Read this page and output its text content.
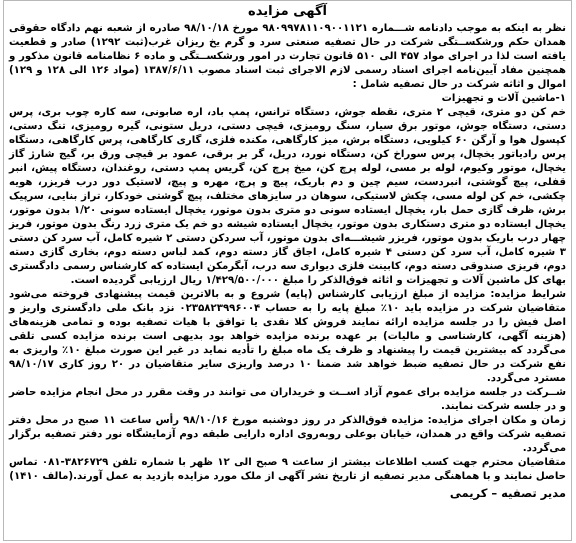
آگهی مزایده

نظر به اینکه به موجب دادنامه شـــماره ۹۸۰۹۹۷۸۱۱۰۹۰۰۱۱۲۱ مورخ ۹۸/۱۰/۱۸ صادره از شعبه نهم دادگاه حقوقی همدان حکم ورشکســتگی شرکت در حال تصفیه صنعتی سرد و گرم یخ ریزان غرب(ثبت ۱۲۹۲) صادر و قطعیت یافته است لذا در اجرای مواد ۴۵۷ الی ۵۱۰ قانون تجارت در امور ورشکســتگی و ماده ۶ نظامنامه قانون مذکور و همچنین مفاد آیین‌نامه اجرای اسناد رسمی لازم الاجرای ثبت اسناد مصوب ۱۳۸۷/۶/۱۱ (مواد ۱۲۶ الی ۱۲۸ و ۱۲۹) اموال و اثاثه شرکت در حال تصفیه شامل :

۱-ماشین آلات و تجهیزات

خم کن دو متری، قیچی ۲ متری، نقطه جوش، دستگاه ترانس، پمپ باد، اره صابونی، سه کاره چوب بری، پرس دستی، دستگاه جوش، موتور برق سیار، سنگ رومیزی، قیچی دستی، دریل ستونی، گیره رومیزی، تنگ دستی، کپسول هوا و آرگن ۶۰ کیلویی، دستگاه برش، میز کارگاهی، مکنده فلزی، گاری کارگاهی، پرس کارگاهی، دستگاه پرس رادیاتور یخچال، پرس سوراخ کن، دستگاه نورد، دریل، گر بر برقی، عمود بر قیچی ورق بر، گیج شارژ گاز یخچال، موتور وکیوم، لوله بر مسی، لوله پرچ کن، میخ پرچ کن، گریس پمپ دستی، روغندان، دستگاه پیش، انبر قفلی، پیچ گوشتی، انبردست، سیم چین و دم باریک، پیچ و پرچ، مهره و پیچ، لاستیک دور درب فریزر، هویه چکشی، خم کن لوله مسی، چکش لاستیکی، سوهان در سایزهای مختلف، پیچ گوشتی خودکار، تراز بنایی، سرپیک برش، ظرف گازی حمل بار، یخچال ایستاده سونی دو متری بدون موتور، یخچال ایستاده سونی ۱/۲۰ بدون موتور، یخچال ایستاده دو متری دستکاری بدون موتور، یخچال ایستاده شیشه دو خم یک متری زرد رنگ بدون موتور، فریز چهار درب باریک بدون موتور، فریزر شیشـــه‌ای بدون موتور، آب سردکن دستی ۲ شیره کامل، آب سرد کن دستی ۳ شیره کامل، آب سرد کن دستی ۴ شیره کامل، اجاق گاز دسته دوم، کمد لباس دسته دوم، بخاری گازی دسته دوم، فریزی صندوقی دسته دوم، کابینت فلزی دیواری سه درب، آبگرمکن ایستاده که کارشناس رسمی دادگستری بهای کل ماشین آلات و تجهیزات و اثاثه فوق‌الذکر را مبلغ ۱/۴۲۹/۵۰۰/۰۰۰ ریال ارزیابی گردیده است.

شرایط مزایده: مزایده از مبلغ ارزیابی کارشناس (پایه) شروع و به بالاترین قیمت پیشنهادی فروخته می‌شود متقاضیان شرکت در مزایده باید ۱۰٪ مبلغ پایه را به حساب ۰۲۳۵۸۲۳۹۹۶۰۰۴ نزد بانک ملی دادگستری واریز و اصل فیش را در جلسه مزایده ارائه نمایند فروش کلا نقدی یا توافق با هیات تصفیه بوده و تمامی هزینه‌های (هزینه آگهی، کارشناسی و مالیات) بر عهده برنده مزایده خواهد بود بدیهی است برنده مزایده کسی تلقی می‌گردد که بیشترین قیمت را پیشنهاد و ظرف یک ماه مبلغ را تأدیه نماید در غیر این صورت مبلغ ۱۰٪ واریزی به نفع شرکت در حال تصفیه ضبط خواهد شد ضمنا ۱۰ درصد واریزی سایر متقاضیان در ۲۰ روز کاری ۹۸/۱۰/۱۷ مسترد می‌گردد.

شــرکت در جلسه مزایده برای عموم آزاد اســت و خریداران می توانند در وقت مقرر در محل انجام مزایده حاضر و در جلسه شرکت نمایند.

زمان و مکان اجرای مزایده: مزایده فوق‌الذکر در روز دوشنبه مورخ ۹۸/۱۰/۱۶ رأس ساعت ۱۱ صبح در محل دفتر تصفیه شرکت واقع در همدان، خیابان بوعلی روبه‌روی اداره دارایی طبقه دوم آزمایشگاه نور دفتر تصفیه برگزار می‌گردد.

متقاضیان محترم جهت کسب اطلاعات بیشتر از ساعت ۹ صبح الی ۱۲ ظهر با شماره تلفن ۳۸۲۶۷۲۹-۰۸۱ تماس حاصل نمایند و با هماهنگی مدیر تصفیه از تاریخ نشر آگهی از ملک مورد مزایده بازدید به عمل آورند.(مالف ۱۴۱۰)

مدیر تصفیه – کریمی
